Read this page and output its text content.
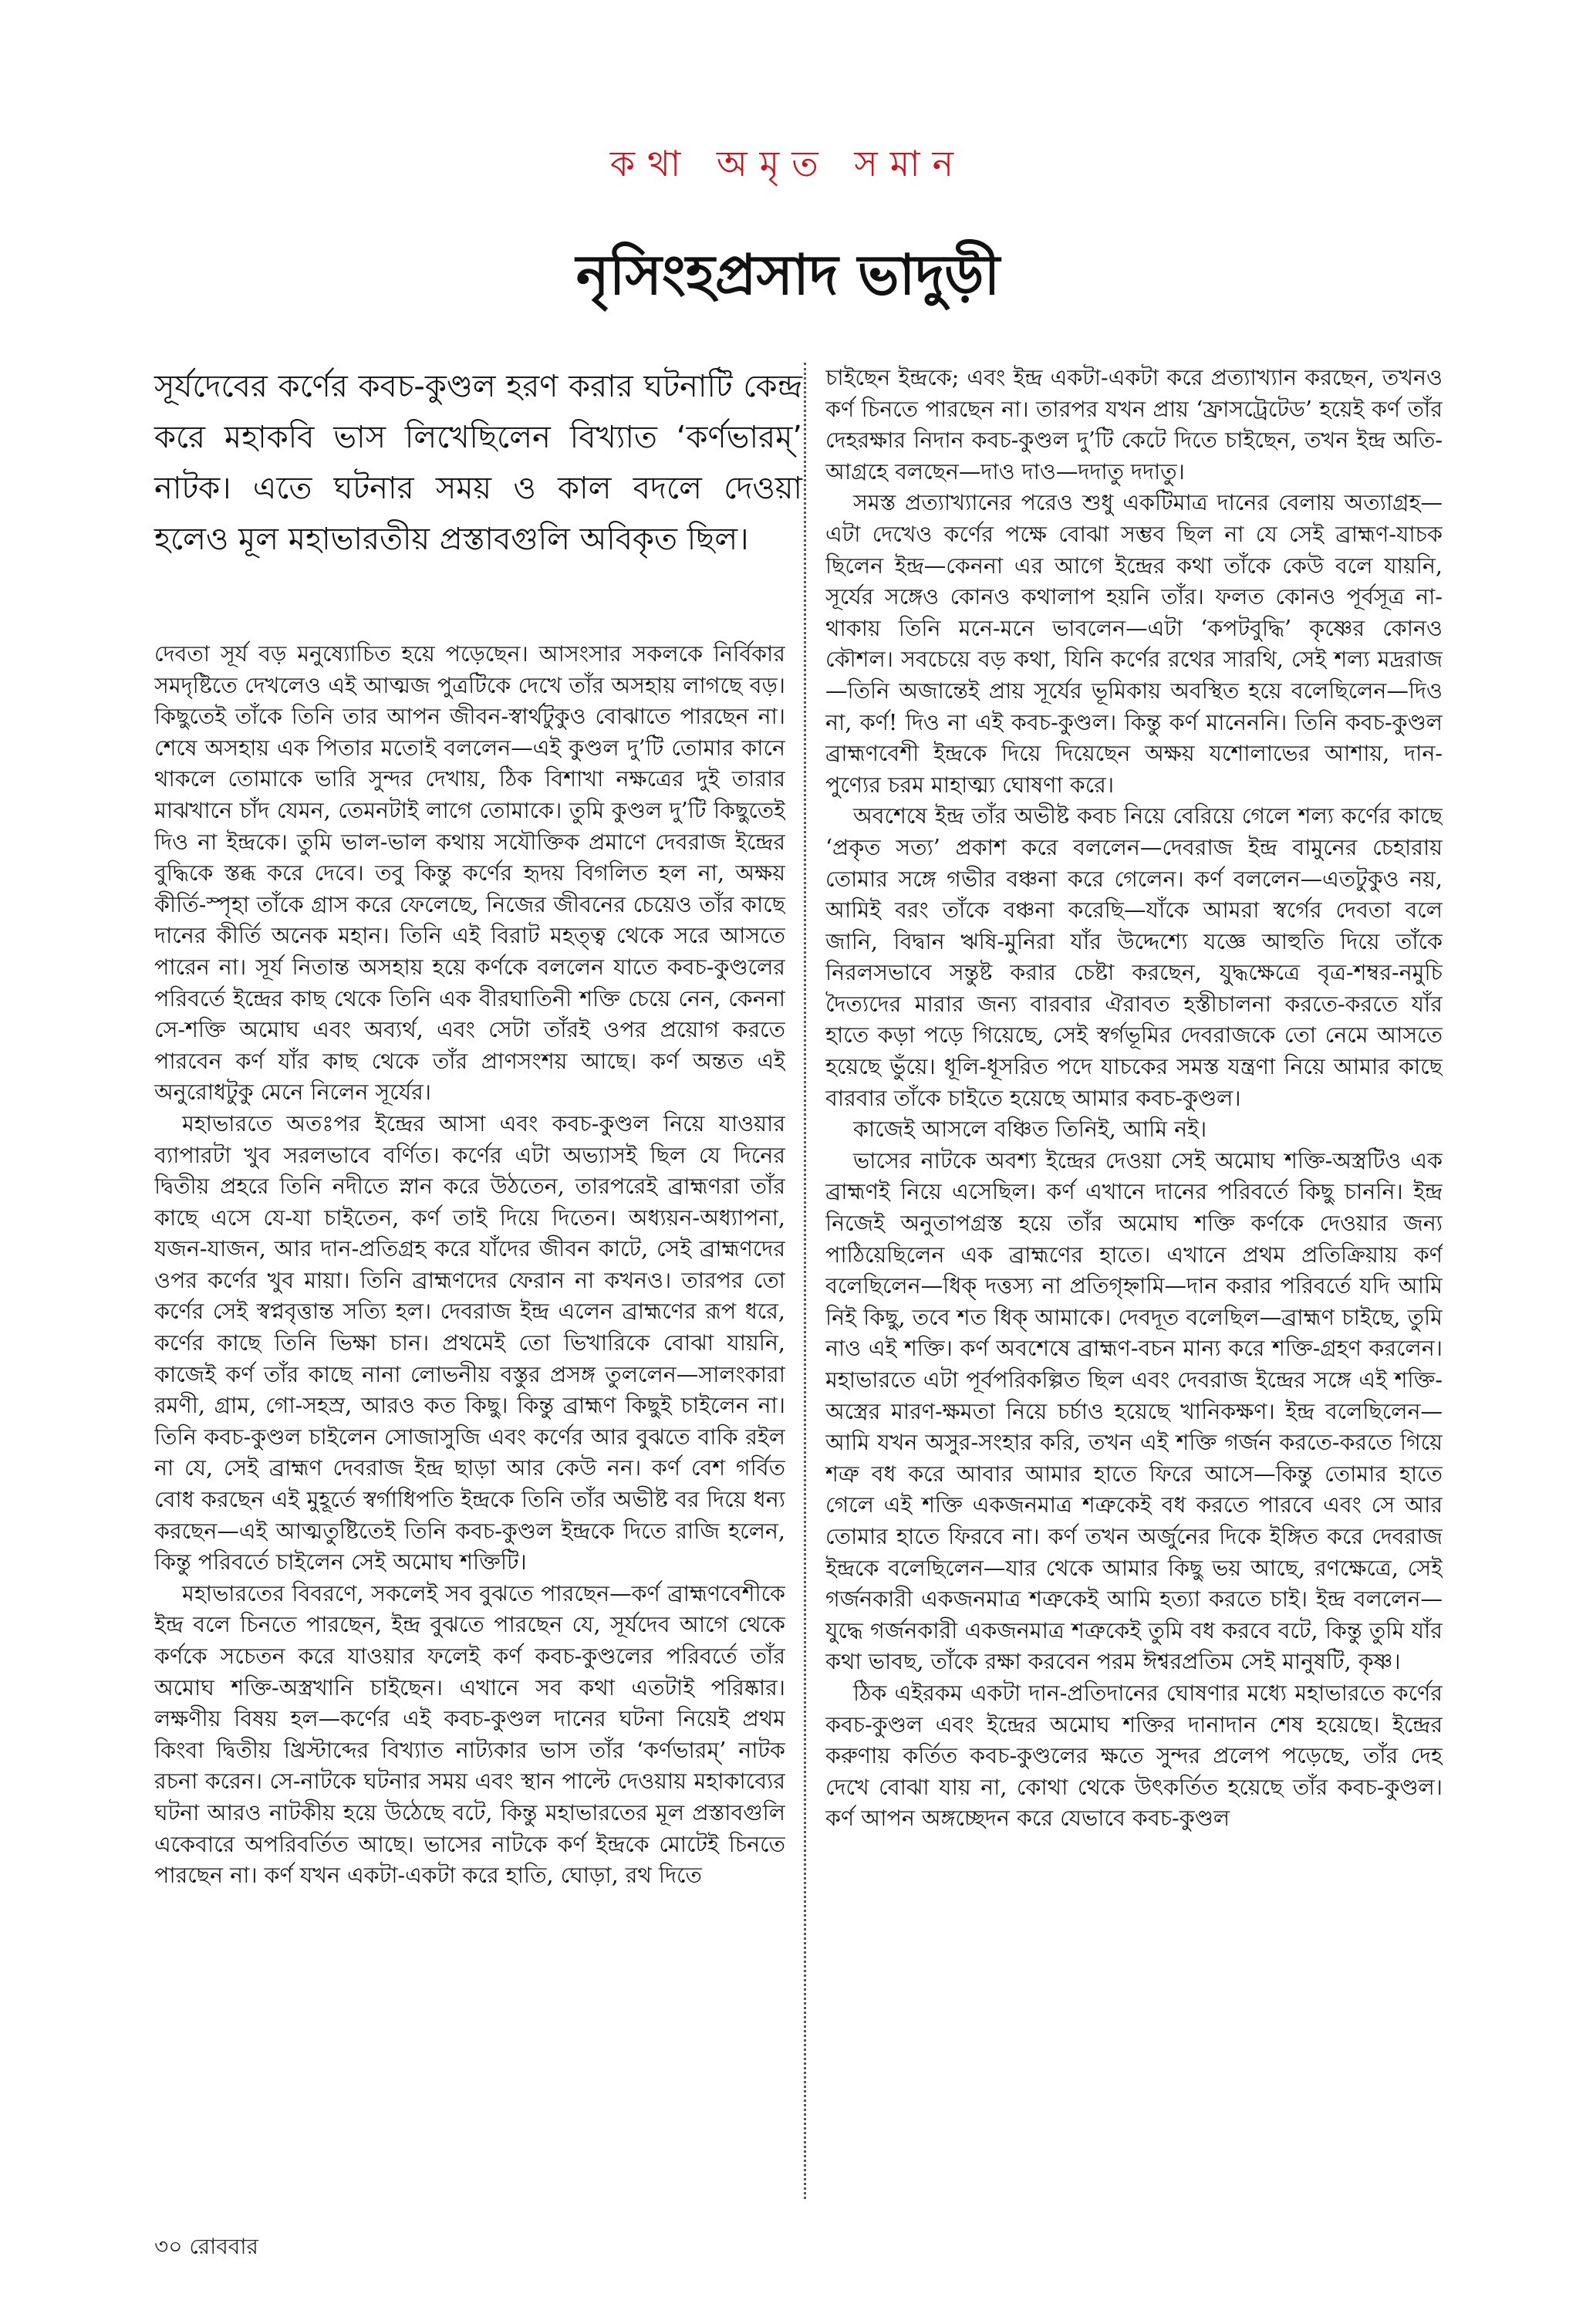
কথা অমৃত সমান
নৃসিংহপ্রসাদ ভাদুড়ী
সূর্যদেবের কর্ণের কবচ-কুণ্ডল হরণ করার ঘটনাটি কেন্দ্র করে মহাকবি ভাস লিখেছিলেন বিখ্যাত ‘কর্ণভারম্’ নাটক। এতে ঘটনার সময় ও কাল বদলে দেওয়া হলেও মূল মহাভারতীয় প্রস্তাবগুলি অবিকৃত ছিল।

দেবতা সূর্য বড় মনুষ্যোচিত হয়ে পড়েছেন। আসংসার সকলকে নির্বিকার সমদৃষ্টিতে দেখলেও এই আত্মজ পুত্রটিকে দেখে তাঁর অসহায় লাগছে বড়। কিছুতেই তাঁকে তিনি তার আপন জীবন-স্বার্থটুকুও বোঝাতে পারছেন না। শেষে অসহায় এক পিতার মতোই বললেন—এই কুণ্ডল দু’টি তোমার কানে থাকলে তোমাকে ভারি সুন্দর দেখায়, ঠিক বিশাখা নক্ষত্রের দুই তারার মাঝখানে চাঁদ যেমন, তেমনটাই লাগে তোমাকে। তুমি কুণ্ডল দু’টি কিছুতেই দিও না ইন্দ্রকে। তুমি ভাল-ভাল কথায় সযৌক্তিক প্রমাণে দেবরাজ ইন্দ্রের বুদ্ধিকে স্তব্ধ করে দেবে। তবু কিন্তু কর্ণের হৃদয় বিগলিত হল না, অক্ষয় কীর্তি-স্পৃহা তাঁকে গ্রাস করে ফেলেছে, নিজের জীবনের চেয়েও তাঁর কাছে দানের কীর্তি অনেক মহান। তিনি এই বিরাট মহত্ত্ব থেকে সরে আসতে পারেন না। সূর্য নিতান্ত অসহায় হয়ে কর্ণকে বললেন যাতে কবচ-কুণ্ডলের পরিবর্তে ইন্দ্রের কাছ থেকে তিনি এক বীরঘাতিনী শক্তি চেয়ে নেন, কেননা সে-শক্তি অমোঘ এবং অব্যর্থ, এবং সেটা তাঁরই ওপর প্রয়োগ করতে পারবেন কর্ণ যাঁর কাছ থেকে তাঁর প্রাণসংশয় আছে। কর্ণ অন্তত এই অনুরোধটুকু মেনে নিলেন সূর্যের।

মহাভারতে অতঃপর ইন্দ্রের আসা এবং কবচ-কুণ্ডল নিয়ে যাওয়ার ব্যাপারটা খুব সরলভাবে বর্ণিত। কর্ণের এটা অভ্যাসই ছিল যে দিনের দ্বিতীয় প্রহরে তিনি নদীতে স্নান করে উঠতেন, তারপরেই ব্রাহ্মণরা তাঁর কাছে এসে যে-যা চাইতেন, কর্ণ তাই দিয়ে দিতেন। অধ্যয়ন-অধ্যাপনা, যজন-যাজন, আর দান-প্রতিগ্রহ করে যাঁদের জীবন কাটে, সেই ব্রাহ্মণদের ওপর কর্ণের খুব মায়া। তিনি ব্রাহ্মণদের ফেরান না কখনও। তারপর তো কর্ণের সেই স্বপ্নবৃত্তান্ত সত্যি হল। দেবরাজ ইন্দ্র এলেন ব্রাহ্মণের রূপ ধরে, কর্ণের কাছে তিনি ভিক্ষা চান। প্রথমেই তো ভিখারিকে বোঝা যায়নি, কাজেই কর্ণ তাঁর কাছে নানা লোভনীয় বস্তুর প্রসঙ্গ তুললেন—সালংকারা রমণী, গ্রাম, গো-সহস্র, আরও কত কিছু। কিন্তু ব্রাহ্মণ কিছুই চাইলেন না। তিনি কবচ-কুণ্ডল চাইলেন সোজাসুজি এবং কর্ণের আর বুঝতে বাকি রইল না যে, সেই ব্রাহ্মণ দেবরাজ ইন্দ্র ছাড়া আর কেউ নন। কর্ণ বেশ গর্বিত বোধ করছেন এই মুহূর্তে স্বর্গাধিপতি ইন্দ্রকে তিনি তাঁর অভীষ্ট বর দিয়ে ধন্য করছেন—এই আত্মতুষ্টিতেই তিনি কবচ-কুণ্ডল ইন্দ্রকে দিতে রাজি হলেন, কিন্তু পরিবর্তে চাইলেন সেই অমোঘ শক্তিটি।

মহাভারতের বিবরণে, সকলেই সব বুঝতে পারছেন—কর্ণ ব্রাহ্মণবেশীকে ইন্দ্র বলে চিনতে পারছেন, ইন্দ্র বুঝতে পারছেন যে, সূর্যদেব আগে থেকে কর্ণকে সচেতন করে যাওয়ার ফলেই কর্ণ কবচ-কুণ্ডলের পরিবর্তে তাঁর অমোঘ শক্তি-অস্ত্রখানি চাইছেন। এখানে সব কথা এতটাই পরিষ্কার। লক্ষণীয় বিষয় হল—কর্ণের এই কবচ-কুণ্ডল দানের ঘটনা নিয়েই প্রথম কিংবা দ্বিতীয় খ্রিস্টাব্দের বিখ্যাত নাট্যকার ভাস তাঁর ‘কর্ণভারম্’ নাটক রচনা করেন। সে-নাটকে ঘটনার সময় এবং স্থান পাল্টে দেওয়ায় মহাকাব্যের ঘটনা আরও নাটকীয় হয়ে উঠেছে বটে, কিন্তু মহাভারতের মূল প্রস্তাবগুলি একেবারে অপরিবর্তিত আছে। ভাসের নাটকে কর্ণ ইন্দ্রকে মোটেই চিনতে পারছেন না। কর্ণ যখন একটা-একটা করে হাতি, ঘোড়া, রথ দিতে

চাইছেন ইন্দ্রকে; এবং ইন্দ্র একটা-একটা করে প্রত্যাখ্যান করছেন, তখনও কর্ণ চিনতে পারছেন না। তারপর যখন প্রায় ‘ফ্রাসট্রেটেড’ হয়েই কর্ণ তাঁর দেহরক্ষার নিদান কবচ-কুণ্ডল দু’টি কেটে দিতে চাইছেন, তখন ইন্দ্র অতি-আগ্রহে বলছেন—দাও দাও—দদাতু দদাতু।

সমস্ত প্রত্যাখ্যানের পরেও শুধু একটিমাত্র দানের বেলায় অত্যাগ্রহ—এটা দেখেও কর্ণের পক্ষে বোঝা সম্ভব ছিল না যে সেই ব্রাহ্মণ-যাচক ছিলেন ইন্দ্র—কেননা এর আগে ইন্দ্রের কথা তাঁকে কেউ বলে যায়নি, সূর্যের সঙ্গেও কোনও কথালাপ হয়নি তাঁর। ফলত কোনও পূর্বসূত্র না-থাকায় তিনি মনে-মনে ভাবলেন—এটা ‘কপটবুদ্ধি’ কৃষ্ণের কোনও কৌশল। সবচেয়ে বড় কথা, যিনি কর্ণের রথের সারথি, সেই শল্য মদ্ররাজ—তিনি অজান্তেই প্রায় সূর্যের ভূমিকায় অবস্থিত হয়ে বলেছিলেন—দিও না, কর্ণ! দিও না এই কবচ-কুণ্ডল। কিন্তু কর্ণ মানেননি। তিনি কবচ-কুণ্ডল ব্রাহ্মণবেশী ইন্দ্রকে দিয়ে দিয়েছেন অক্ষয় যশোলাভের আশায়, দান-পুণ্যের চরম মাহাত্ম্য ঘোষণা করে।

অবশেষে ইন্দ্র তাঁর অভীষ্ট কবচ নিয়ে বেরিয়ে গেলে শল্য কর্ণের কাছে ‘প্রকৃত সত্য’ প্রকাশ করে বললেন—দেবরাজ ইন্দ্র বামুনের চেহারায় তোমার সঙ্গে গভীর বঞ্চনা করে গেলেন। কর্ণ বললেন—এতটুকুও নয়, আমিই বরং তাঁকে বঞ্চনা করেছি—যাঁকে আমরা স্বর্গের দেবতা বলে জানি, বিদ্বান ঋষি-মুনিরা যাঁর উদ্দেশ্যে যজ্ঞে আহুতি দিয়ে তাঁকে নিরলসভাবে সন্তুষ্ট করার চেষ্টা করছেন, যুদ্ধক্ষেত্রে বৃত্র-শম্বর-নমুচি দৈত্যদের মারার জন্য বারবার ঐরাবত হস্তীচালনা করতে-করতে যাঁর হাতে কড়া পড়ে গিয়েছে, সেই স্বর্গভূমির দেবরাজকে তো নেমে আসতে হয়েছে ভুঁয়ে। ধূলি-ধূসরিত পদে যাচকের সমস্ত যন্ত্রণা নিয়ে আমার কাছে বারবার তাঁকে চাইতে হয়েছে আমার কবচ-কুণ্ডল।

কাজেই আসলে বঞ্চিত তিনিই, আমি নই।

ভাসের নাটকে অবশ্য ইন্দ্রের দেওয়া সেই অমোঘ শক্তি-অস্ত্রটিও এক ব্রাহ্মণই নিয়ে এসেছিল। কর্ণ এখানে দানের পরিবর্তে কিছু চাননি। ইন্দ্র নিজেই অনুতাপগ্রস্ত হয়ে তাঁর অমোঘ শক্তি কর্ণকে দেওয়ার জন্য পাঠিয়েছিলেন এক ব্রাহ্মণের হাতে। এখানে প্রথম প্রতিক্রিয়ায় কর্ণ বলেছিলেন—ধিক্ দত্তস্য না প্রতিগৃহ্নামি—দান করার পরিবর্তে যদি আমি নিই কিছু, তবে শত ধিক্ আমাকে। দেবদূত বলেছিল—ব্রাহ্মণ চাইছে, তুমি নাও এই শক্তি। কর্ণ অবশেষে ব্রাহ্মণ-বচন মান্য করে শক্তি-গ্রহণ করলেন। মহাভারতে এটা পূর্বপরিকল্পিত ছিল এবং দেবরাজ ইন্দ্রের সঙ্গে এই শক্তি-অস্ত্রের মারণ-ক্ষমতা নিয়ে চর্চাও হয়েছে খানিকক্ষণ। ইন্দ্র বলেছিলেন—আমি যখন অসুর-সংহার করি, তখন এই শক্তি গর্জন করতে-করতে গিয়ে শত্রু বধ করে আবার আমার হাতে ফিরে আসে—কিন্তু তোমার হাতে গেলে এই শক্তি একজনমাত্র শত্রুকেই বধ করতে পারবে এবং সে আর তোমার হাতে ফিরবে না। কর্ণ তখন অর্জুনের দিকে ইঙ্গিত করে দেবরাজ ইন্দ্রকে বলেছিলেন—যার থেকে আমার কিছু ভয় আছে, রণক্ষেত্রে, সেই গর্জনকারী একজনমাত্র শত্রুকেই আমি হত্যা করতে চাই। ইন্দ্র বললেন—যুদ্ধে গর্জনকারী একজনমাত্র শত্রুকেই তুমি বধ করবে বটে, কিন্তু তুমি যাঁর কথা ভাবছ, তাঁকে রক্ষা করবেন পরম ঈশ্বরপ্রতিম সেই মানুষটি, কৃষ্ণ।

ঠিক এইরকম একটা দান-প্রতিদানের ঘোষণার মধ্যে মহাভারতে কর্ণের কবচ-কুণ্ডল এবং ইন্দ্রের অমোঘ শক্তির দানাদান শেষ হয়েছে। ইন্দ্রের করুণায় কর্তিত কবচ-কুণ্ডলের ক্ষতে সুন্দর প্রলেপ পড়েছে, তাঁর দেহ দেখে বোঝা যায় না, কোথা থেকে উৎকর্তিত হয়েছে তাঁর কবচ-কুণ্ডল। কর্ণ আপন অঙ্গচ্ছেদন করে যেভাবে কবচ-কুণ্ডল

৩০ রোববার
